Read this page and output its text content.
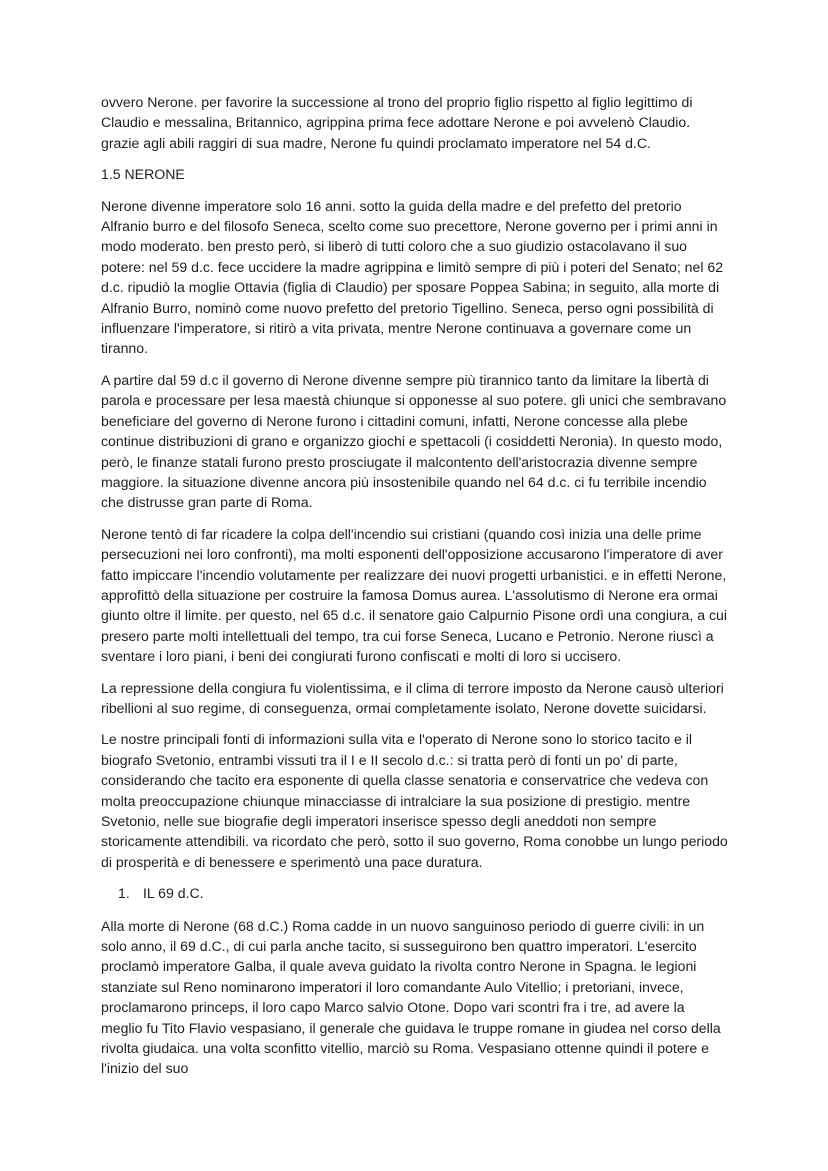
ovvero Nerone. per favorire la successione al trono del proprio figlio rispetto al figlio legittimo di Claudio e messalina, Britannico, agrippina prima fece adottare Nerone e poi avvelenò Claudio. grazie agli abili raggiri di sua madre, Nerone fu quindi proclamato imperatore nel 54 d.C.

1.5 NERONE

Nerone divenne imperatore solo 16 anni. sotto la guida della madre e del prefetto del pretorio Alfranio burro e del filosofo Seneca, scelto come suo precettore, Nerone governo per i primi anni in modo moderato. ben presto però, si liberò di tutti coloro che a suo giudizio ostacolavano il suo potere: nel 59 d.c. fece uccidere la madre agrippina e limitò sempre di più i poteri del Senato; nel 62 d.c. ripudiò la moglie Ottavia (figlia di Claudio) per sposare Poppea Sabina; in seguito, alla morte di Alfranio Burro, nominò come nuovo prefetto del pretorio Tigellino. Seneca, perso ogni possibilità di influenzare l'imperatore, si ritirò a vita privata, mentre Nerone continuava a governare come un tiranno.

A partire dal 59 d.c il governo di Nerone divenne sempre più tirannico tanto da limitare la libertà di parola e processare per lesa maestà chiunque si opponesse al suo potere. gli unici che sembravano beneficiare del governo di Nerone furono i cittadini comuni, infatti, Nerone concesse alla plebe continue distribuzioni di grano e organizzo giochi e spettacoli (i cosiddetti Neronia). In questo modo, però, le finanze statali furono presto prosciugate il malcontento dell'aristocrazia divenne sempre maggiore. la situazione divenne ancora più insostenibile quando nel 64 d.c. ci fu terribile incendio che distrusse gran parte di Roma.

Nerone tentò di far ricadere la colpa dell'incendio sui cristiani (quando così inizia una delle prime persecuzioni nei loro confronti), ma molti esponenti dell'opposizione accusarono l'imperatore di aver fatto impiccare l'incendio volutamente per realizzare dei nuovi progetti urbanistici. e in effetti Nerone, approfittò della situazione per costruire la famosa Domus aurea. L'assolutismo di Nerone era ormai giunto oltre il limite. per questo, nel 65 d.c. il senatore gaio Calpurnio Pisone ordì una congiura, a cui presero parte molti intellettuali del tempo, tra cui forse Seneca, Lucano e Petronio. Nerone riuscì a sventare i loro piani, i beni dei congiurati furono confiscati e molti di loro si uccisero.

La repressione della congiura fu violentissima, e il clima di terrore imposto da Nerone causò ulteriori ribellioni al suo regime, di conseguenza, ormai completamente isolato, Nerone dovette suicidarsi.

Le nostre principali fonti di informazioni sulla vita e l'operato di Nerone sono lo storico tacito e il biografo Svetonio, entrambi vissuti tra il I e II secolo d.c.: si tratta però di fonti un po' di parte, considerando che tacito era esponente di quella classe senatoria e conservatrice che vedeva con molta preoccupazione chiunque minacciasse di intralciare la sua posizione di prestigio. mentre Svetonio, nelle sue biografie degli imperatori inserisce spesso degli aneddoti non sempre storicamente attendibili. va ricordato che però, sotto il suo governo, Roma conobbe un lungo periodo di prosperità e di benessere e sperimentò una pace duratura.

1. IL 69 d.C.

Alla morte di Nerone (68 d.C.) Roma cadde in un nuovo sanguinoso periodo di guerre civili: in un solo anno, il 69 d.C., di cui parla anche tacito, si susseguirono ben quattro imperatori. L'esercito proclamò imperatore Galba, il quale aveva guidato la rivolta contro Nerone in Spagna. le legioni stanziate sul Reno nominarono imperatori il loro comandante Aulo Vitellio; i pretoriani, invece, proclamarono princeps, il loro capo Marco salvio Otone. Dopo vari scontri fra i tre, ad avere la meglio fu Tito Flavio vespasiano, il generale che guidava le truppe romane in giudea nel corso della rivolta giudaica. una volta sconfitto vitellio, marciò su Roma. Vespasiano ottenne quindi il potere e l'inizio del suo
